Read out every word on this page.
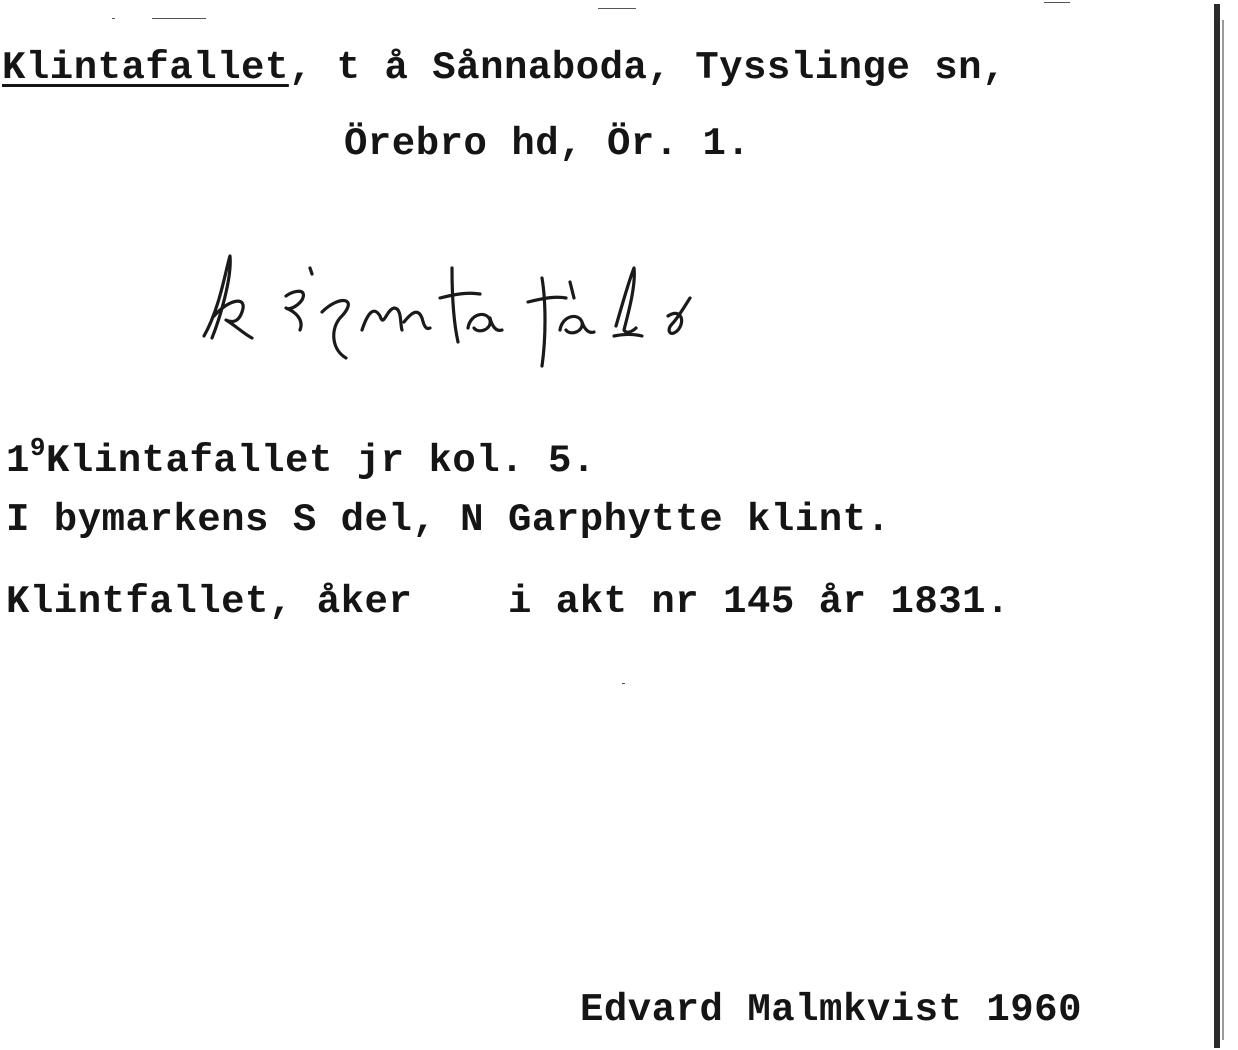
Klintafallet, t å Sånnaboda, Tysslinge sn,
Örebro hd, Ör. 1.
$1^9Klintafallet$ jr kol. 5.
I bymarkens S del, N Garphytte klint.
Klintfallet, åker    i akt nr 145 år 1831.
Edvard Malmkvist 1960
